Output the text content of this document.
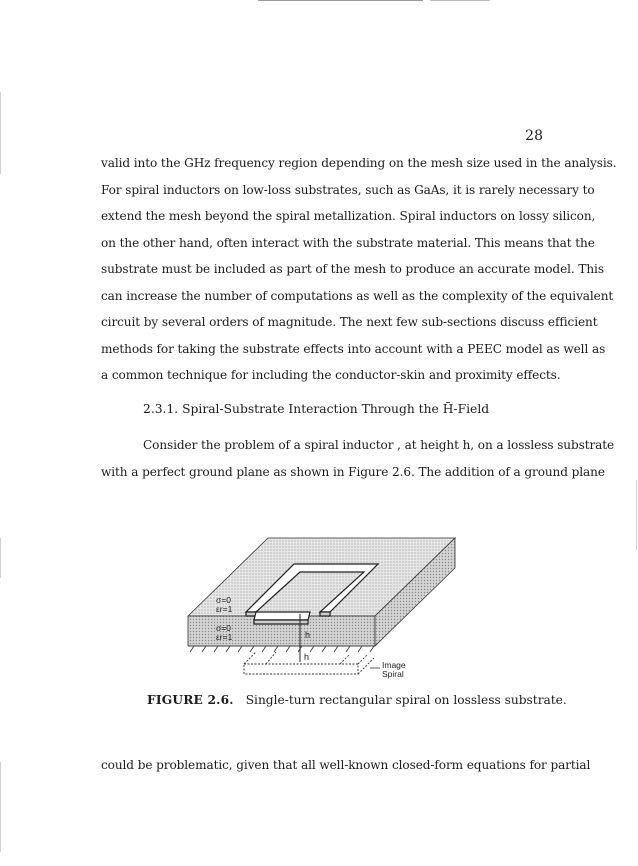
28
valid into the GHz frequency region depending on the mesh size used in the analysis.
For spiral inductors on low-loss substrates, such as GaAs, it is rarely necessary to
extend the mesh beyond the spiral metallization. Spiral inductors on lossy silicon,
on the other hand, often interact with the substrate material. This means that the
substrate must be included as part of the mesh to produce an accurate model. This
can increase the number of computations as well as the complexity of the equivalent
circuit by several orders of magnitude. The next few sub-sections discuss efficient
methods for taking the substrate effects into account with a PEEC model as well as
a common technique for including the conductor-skin and proximity effects.
2.3.1. Spiral-Substrate Interaction Through the H̄-Field
Consider the problem of a spiral inductor , at height h, on a lossless substrate
with a perfect ground plane as shown in Figure 2.6. The addition of a ground plane
σ=0
εr=1
σ=0
εr=1	h
h
Image
Spiral
FIGURE 2.6. Single-turn rectangular spiral on lossless substrate.
could be problematic, given that all well-known closed-form equations for partial
